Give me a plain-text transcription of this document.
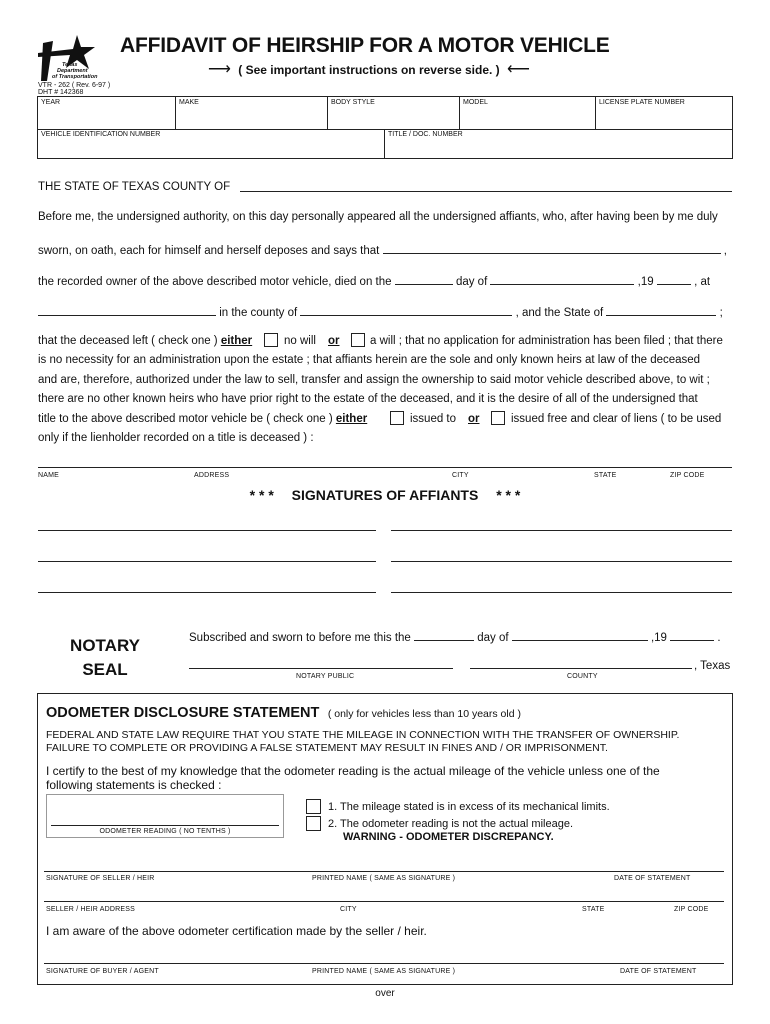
Texas
Department
of Transportation
AFFIDAVIT OF HEIRSHIP FOR A MOTOR VEHICLE
⟶ ( See important instructions on reverse side. ) ⟵
VTR - 262 ( Rev. 6-97 )
DHT # 142368
YEAR	MAKE	BODY STYLE	MODEL	LICENSE PLATE NUMBER
VEHICLE IDENTIFICATION NUMBER	TITLE / DOC. NUMBER
THE STATE OF TEXAS COUNTY OF
Before me, the undersigned authority, on this day personally appeared all the undersigned affiants, who, after having been by me duly
sworn, on oath, each for himself and herself deposes and says that	,
the recorded owner of the above described motor vehicle, died on the	day of	,19	, at
in the county of	, and the State of	;
that the deceased left ( check one ) either	no will or	a will ; that no application for administration has been filed ; that there
is no necessity for an administration upon the estate ; that affiants herein are the sole and only known heirs at law of the deceased
and are, therefore, authorized under the law to sell, transfer and assign the ownership to said motor vehicle described above, to wit ;
there are no other known heirs who have prior right to the estate of the deceased, and it is the desire of all of the undersigned that
title to the above described motor vehicle be ( check one ) either	issued to or	issued free and clear of liens ( to be used
only if the lienholder recorded on a title is deceased ) :
NAME	ADDRESS	CITY	STATE	ZIP CODE
* * * SIGNATURES OF AFFIANTS * * *
NOTARY
SEAL
Subscribed and sworn to before me this the	day of	,19	.
, Texas
NOTARY PUBLIC	COUNTY
ODOMETER DISCLOSURE STATEMENT ( only for vehicles less than 10 years old )
FEDERAL AND STATE LAW REQUIRE THAT YOU STATE THE MILEAGE IN CONNECTION WITH THE TRANSFER OF OWNERSHIP.
FAILURE TO COMPLETE OR PROVIDING A FALSE STATEMENT MAY RESULT IN FINES AND / OR IMPRISONMENT.
I certify to the best of my knowledge that the odometer reading is the actual mileage of the vehicle unless one of the
following statements is checked :
ODOMETER READING ( NO TENTHS )
1. The mileage stated is in excess of its mechanical limits.
2. The odometer reading is not the actual mileage.
WARNING - ODOMETER DISCREPANCY.
SIGNATURE OF SELLER / HEIR	PRINTED NAME ( SAME AS SIGNATURE )	DATE OF STATEMENT
SELLER / HEIR ADDRESS	CITY	STATE	ZIP CODE
I am aware of the above odometer certification made by the seller / heir.
SIGNATURE OF BUYER / AGENT	PRINTED NAME ( SAME AS SIGNATURE )	DATE OF STATEMENT
over
